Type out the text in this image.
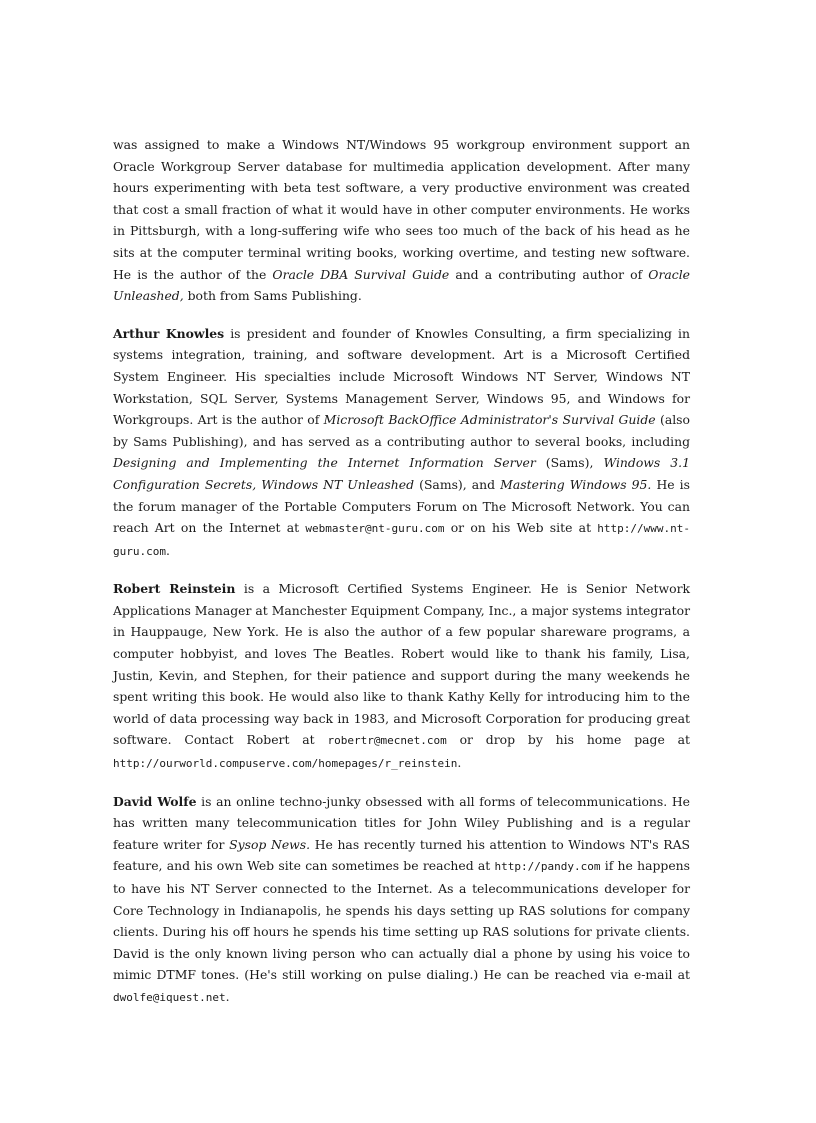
was assigned to make a Windows NT/Windows 95 workgroup environment support an Oracle Workgroup Server database for multimedia application development. After many hours experimenting with beta test software, a very productive environment was created that cost a small fraction of what it would have in other computer environments. He works in Pittsburgh, with a long-suffering wife who sees too much of the back of his head as he sits at the computer terminal writing books, working overtime, and testing new software. He is the author of the Oracle DBA Survival Guide and a contributing author of Oracle Unleashed, both from Sams Publishing.

Arthur Knowles is president and founder of Knowles Consulting, a firm specializing in systems integration, training, and software development. Art is a Microsoft Certified System Engineer. His specialties include Microsoft Windows NT Server, Windows NT Workstation, SQL Server, Systems Management Server, Windows 95, and Windows for Workgroups. Art is the author of Microsoft BackOffice Administrator's Survival Guide (also by Sams Publishing), and has served as a contributing author to several books, including Designing and Implementing the Internet Information Server (Sams), Windows 3.1 Configuration Secrets, Windows NT Unleashed (Sams), and Mastering Windows 95. He is the forum manager of the Portable Computers Forum on The Microsoft Network. You can reach Art on the Internet at webmaster@nt-guru.com or on his Web site at http://www.nt-guru.com.

Robert Reinstein is a Microsoft Certified Systems Engineer. He is Senior Network Applications Manager at Manchester Equipment Company, Inc., a major systems integrator in Hauppauge, New York. He is also the author of a few popular shareware programs, a computer hobbyist, and loves The Beatles. Robert would like to thank his family, Lisa, Justin, Kevin, and Stephen, for their patience and support during the many weekends he spent writing this book. He would also like to thank Kathy Kelly for introducing him to the world of data processing way back in 1983, and Microsoft Corporation for producing great software. Contact Robert at robertr@mecnet.com or drop by his home page at http://ourworld.compuserve.com/homepages/r_reinstein.

David Wolfe is an online techno-junky obsessed with all forms of telecommunications. He has written many telecommunication titles for John Wiley Publishing and is a regular feature writer for Sysop News. He has recently turned his attention to Windows NT's RAS feature, and his own Web site can sometimes be reached at http://pandy.com if he happens to have his NT Server connected to the Internet. As a telecommunications developer for Core Technology in Indianapolis, he spends his days setting up RAS solutions for company clients. During his off hours he spends his time setting up RAS solutions for private clients. David is the only known living person who can actually dial a phone by using his voice to mimic DTMF tones. (He's still working on pulse dialing.) He can be reached via e-mail at dwolfe@iquest.net.
